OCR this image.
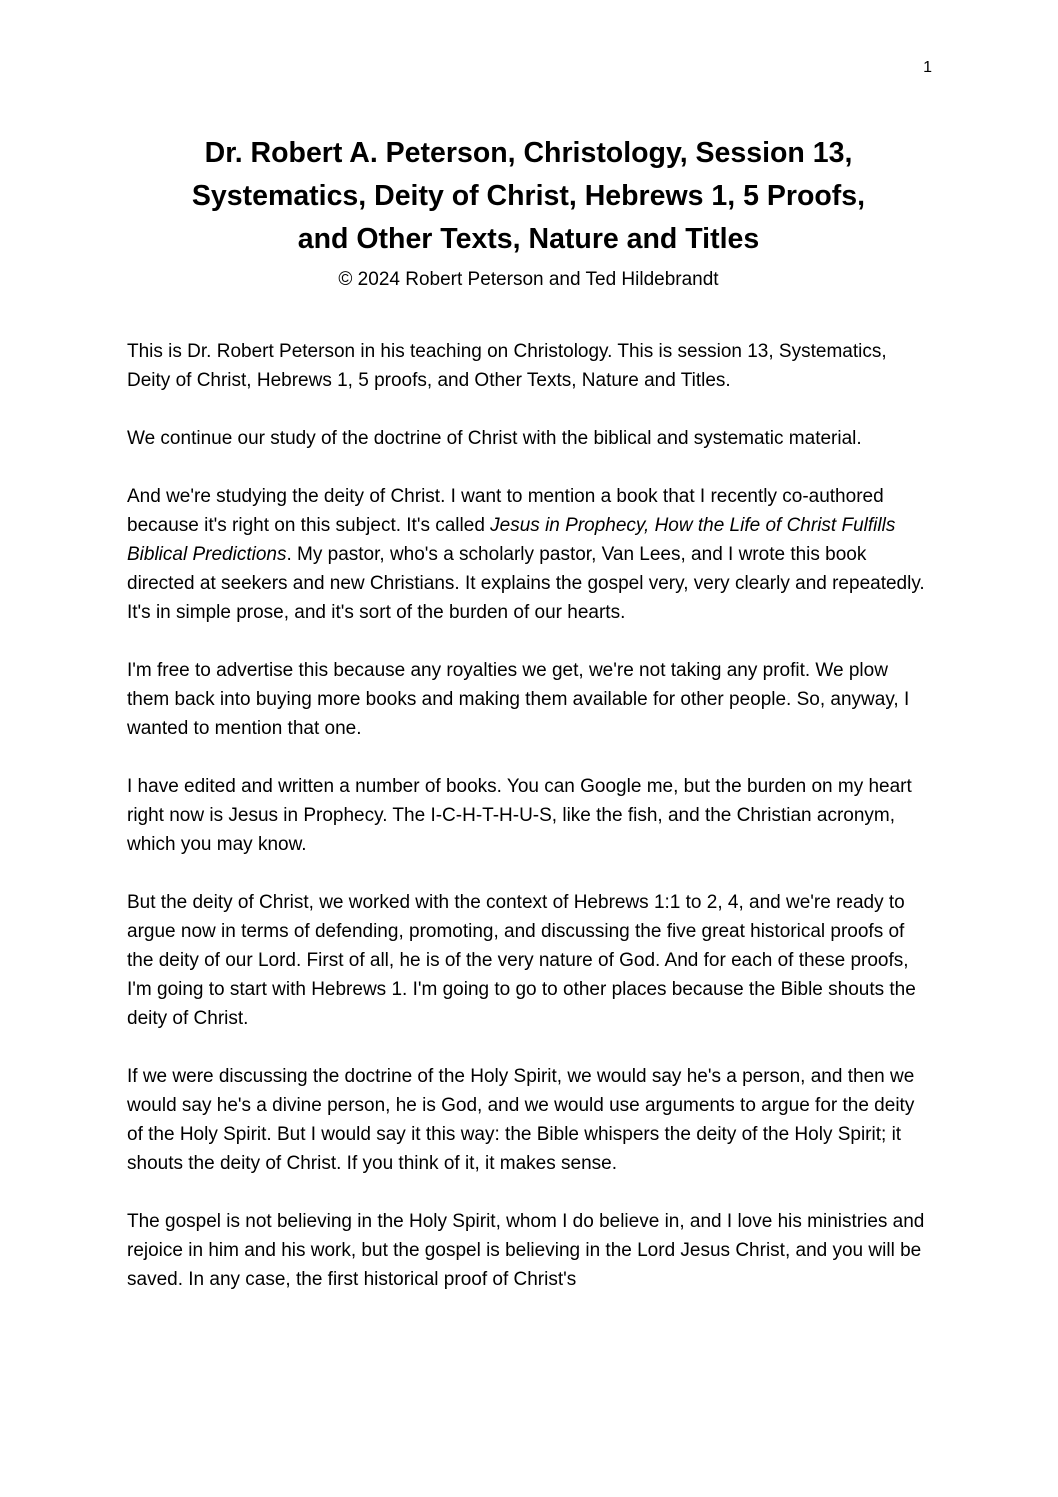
1
Dr. Robert A. Peterson, Christology, Session 13,
Systematics, Deity of Christ, Hebrews 1, 5 Proofs,
and Other Texts, Nature and Titles
© 2024 Robert Peterson and Ted Hildebrandt

This is Dr. Robert Peterson in his teaching on Christology. This is session 13, Systematics, Deity of Christ, Hebrews 1, 5 proofs, and Other Texts, Nature and Titles.

We continue our study of the doctrine of Christ with the biblical and systematic material.

And we're studying the deity of Christ. I want to mention a book that I recently co-authored because it's right on this subject. It's called Jesus in Prophecy, How the Life of Christ Fulfills Biblical Predictions. My pastor, who's a scholarly pastor, Van Lees, and I wrote this book directed at seekers and new Christians. It explains the gospel very, very clearly and repeatedly. It's in simple prose, and it's sort of the burden of our hearts.

I'm free to advertise this because any royalties we get, we're not taking any profit. We plow them back into buying more books and making them available for other people. So, anyway, I wanted to mention that one.

I have edited and written a number of books. You can Google me, but the burden on my heart right now is Jesus in Prophecy. The I-C-H-T-H-U-S, like the fish, and the Christian acronym, which you may know.

But the deity of Christ, we worked with the context of Hebrews 1:1 to 2, 4, and we're ready to argue now in terms of defending, promoting, and discussing the five great historical proofs of the deity of our Lord. First of all, he is of the very nature of God. And for each of these proofs, I'm going to start with Hebrews 1. I'm going to go to other places because the Bible shouts the deity of Christ.

If we were discussing the doctrine of the Holy Spirit, we would say he's a person, and then we would say he's a divine person, he is God, and we would use arguments to argue for the deity of the Holy Spirit. But I would say it this way: the Bible whispers the deity of the Holy Spirit; it shouts the deity of Christ. If you think of it, it makes sense.

The gospel is not believing in the Holy Spirit, whom I do believe in, and I love his ministries and rejoice in him and his work, but the gospel is believing in the Lord Jesus Christ, and you will be saved. In any case, the first historical proof of Christ's
